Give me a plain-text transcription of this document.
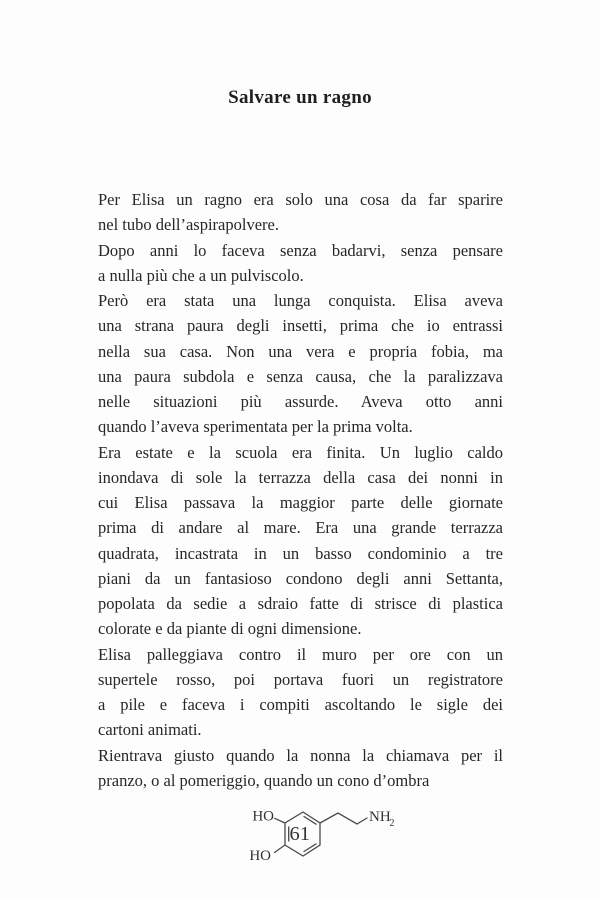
Salvare un ragno
Per Elisa un ragno era solo una cosa da far sparire
nel tubo dell’aspirapolvere.
Dopo anni lo faceva senza badarvi, senza pensare
a nulla più che a un pulviscolo.
Però era stata una lunga conquista. Elisa aveva
una strana paura degli insetti, prima che io entrassi
nella sua casa. Non una vera e propria fobia, ma
una paura subdola e senza causa, che la paralizzava
nelle situazioni più assurde. Aveva otto anni
quando l’aveva sperimentata per la prima volta.
Era estate e la scuola era finita. Un luglio caldo
inondava di sole la terrazza della casa dei nonni in
cui Elisa passava la maggior parte delle giornate
prima di andare al mare. Era una grande terrazza
quadrata, incastrata in un basso condominio a tre
piani da un fantasioso condono degli anni Settanta,
popolata da sedie a sdraio fatte di strisce di plastica
colorate e da piante di ogni dimensione.
Elisa palleggiava contro il muro per ore con un
supertele rosso, poi portava fuori un registratore
a pile e faceva i compiti ascoltando le sigle dei
cartoni animati.
Rientrava giusto quando la nonna la chiamava per il
pranzo, o al pomeriggio, quando un cono d’ombra
HO
HO
NH
2
61
